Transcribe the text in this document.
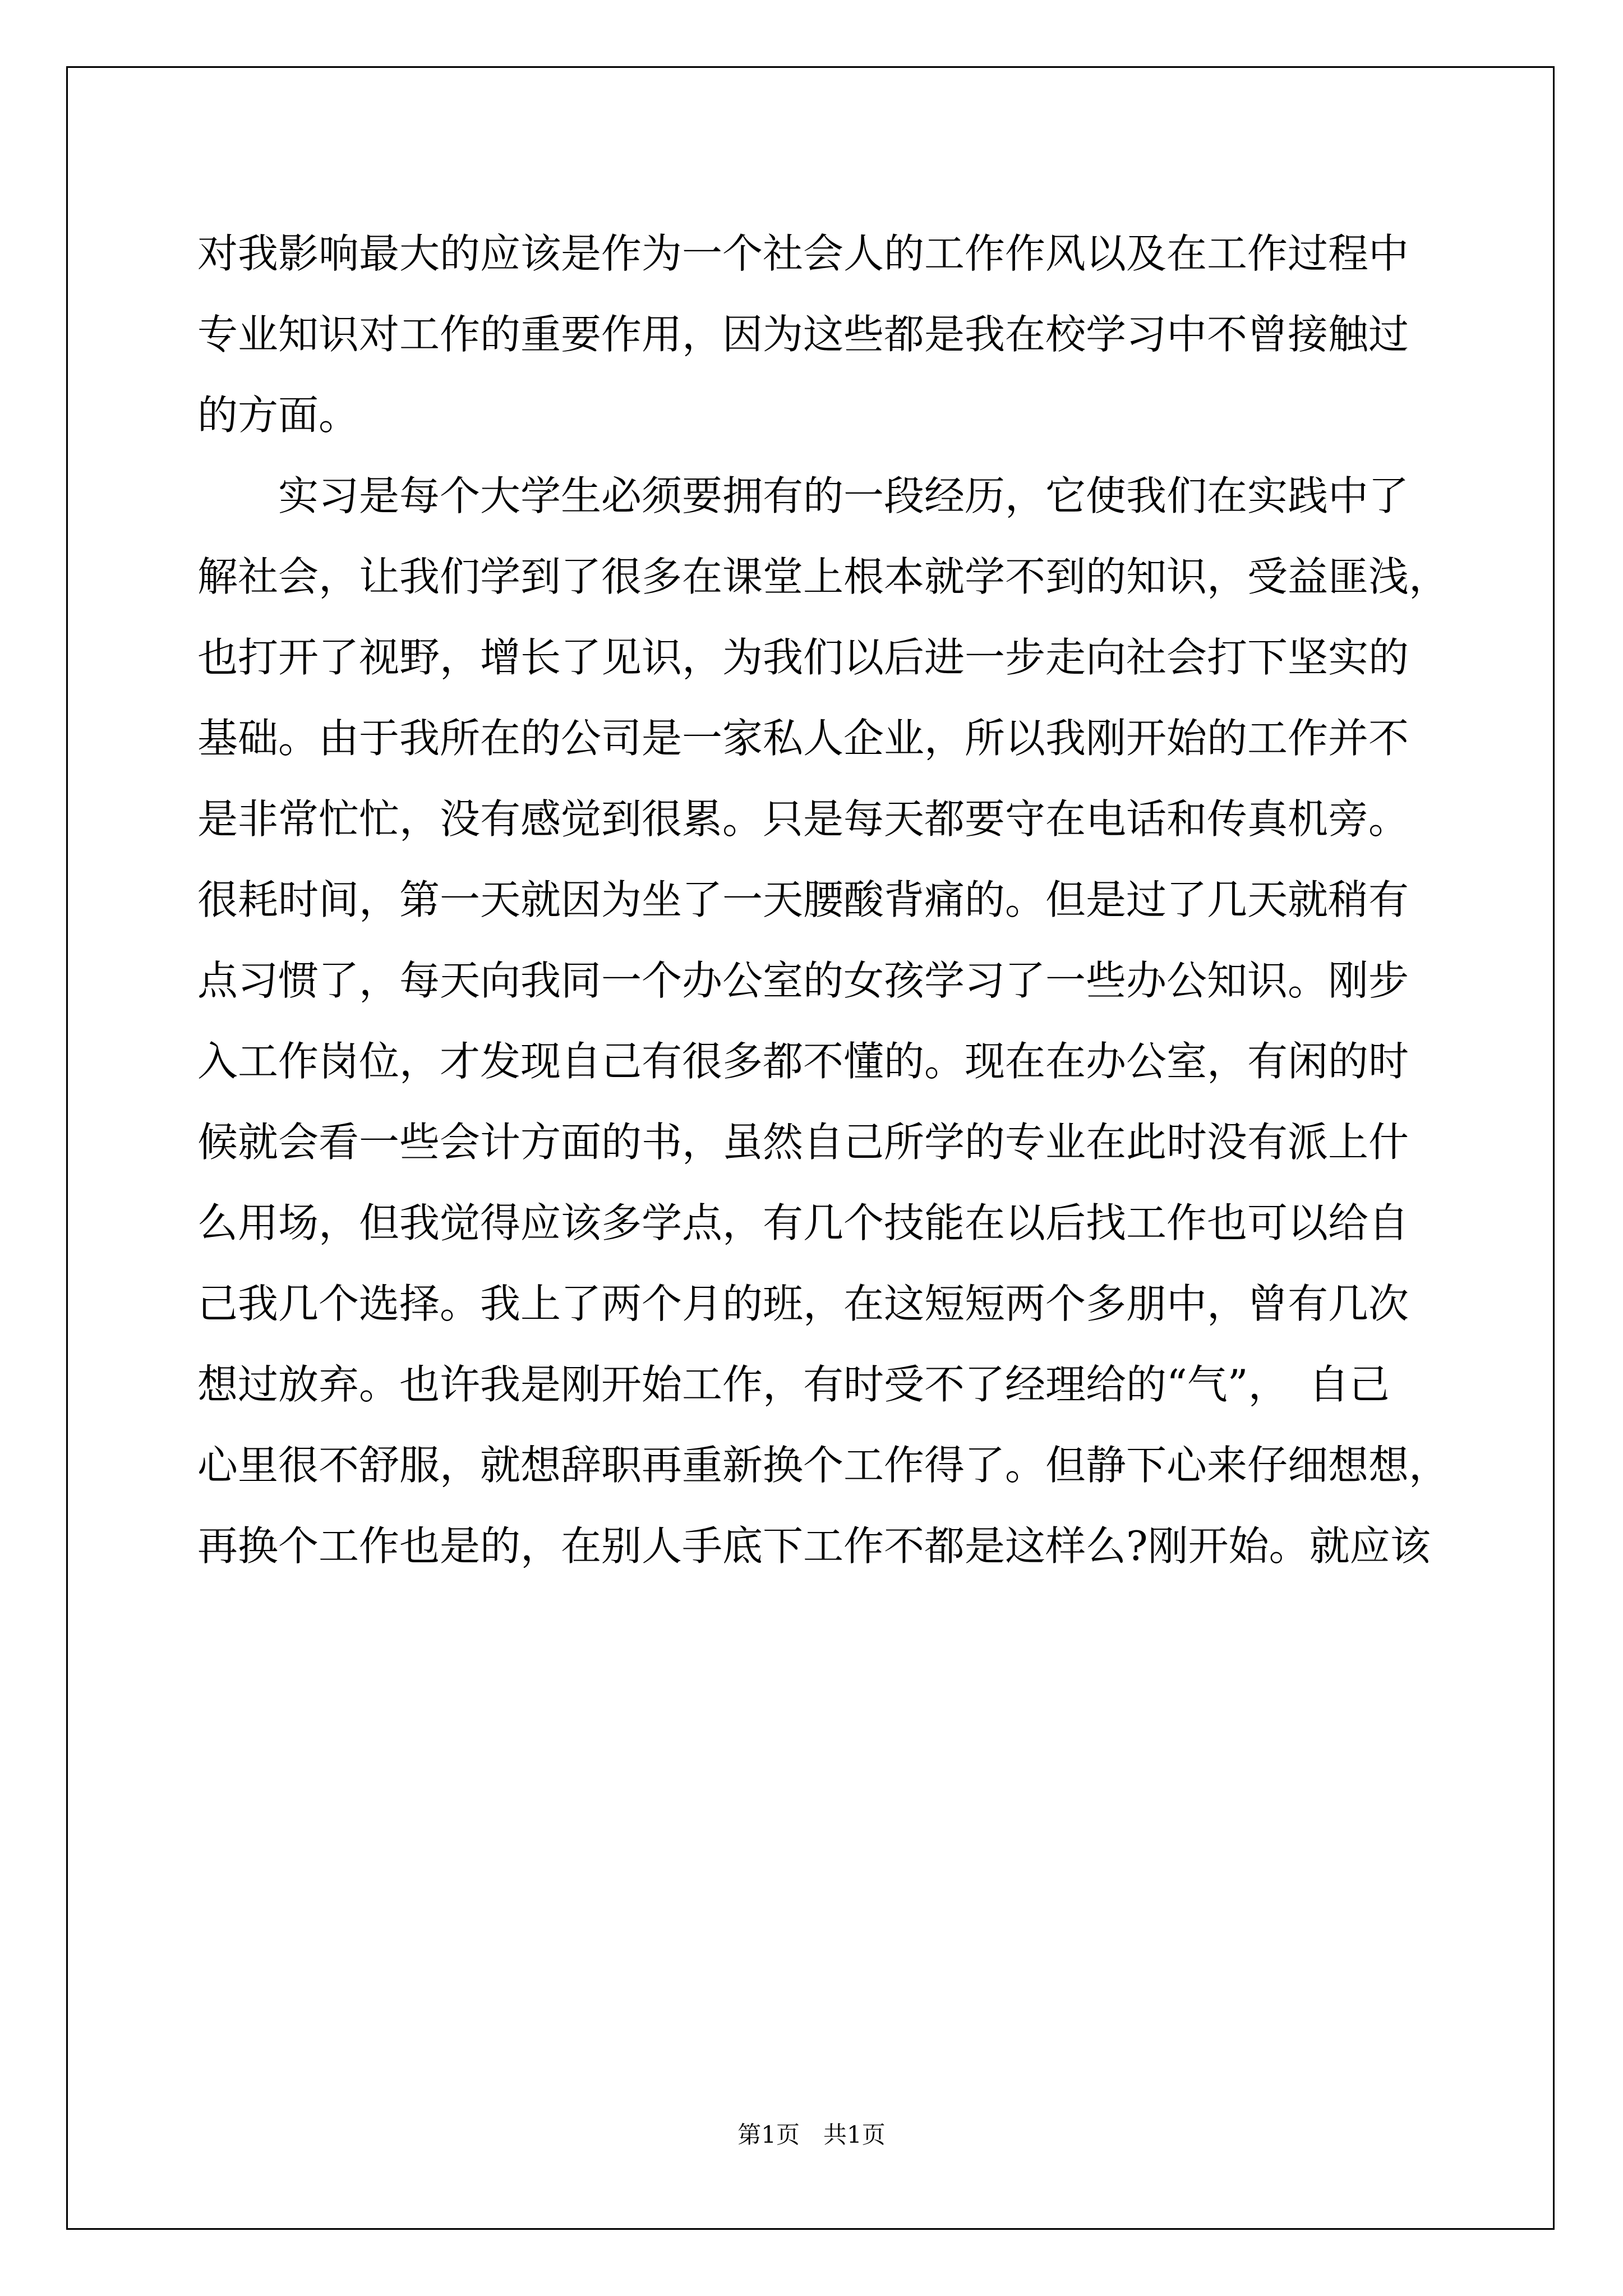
对我影响最大的应该是作为一个社会人的工作作风以及在工作过程中
专业知识对工作的重要作用，因为这些都是我在校学习中不曾接触过
的方面。
　　实习是每个大学生必须要拥有的一段经历，它使我们在实践中了
解社会，让我们学到了很多在课堂上根本就学不到的知识，受益匪浅，
也打开了视野，增长了见识，为我们以后进一步走向社会打下坚实的
基础。由于我所在的公司是一家私人企业，所以我刚开始的工作并不
是非常忙忙，没有感觉到很累。只是每天都要守在电话和传真机旁。
很耗时间，第一天就因为坐了一天腰酸背痛的。但是过了几天就稍有
点习惯了，每天向我同一个办公室的女孩学习了一些办公知识。刚步
入工作岗位，才发现自己有很多都不懂的。现在在办公室，有闲的时
候就会看一些会计方面的书，虽然自己所学的专业在此时没有派上什
么用场，但我觉得应该多学点，有几个技能在以后找工作也可以给自
己我几个选择。我上了两个月的班，在这短短两个多朋中，曾有几次
想过放弃。也许我是刚开始工作，有时受不了经理给的“气”，　自己
心里很不舒服，就想辞职再重新换个工作得了。但静下心来仔细想想，
再换个工作也是的，在别人手底下工作不都是这样么?刚开始。就应该
第1页　共1页
